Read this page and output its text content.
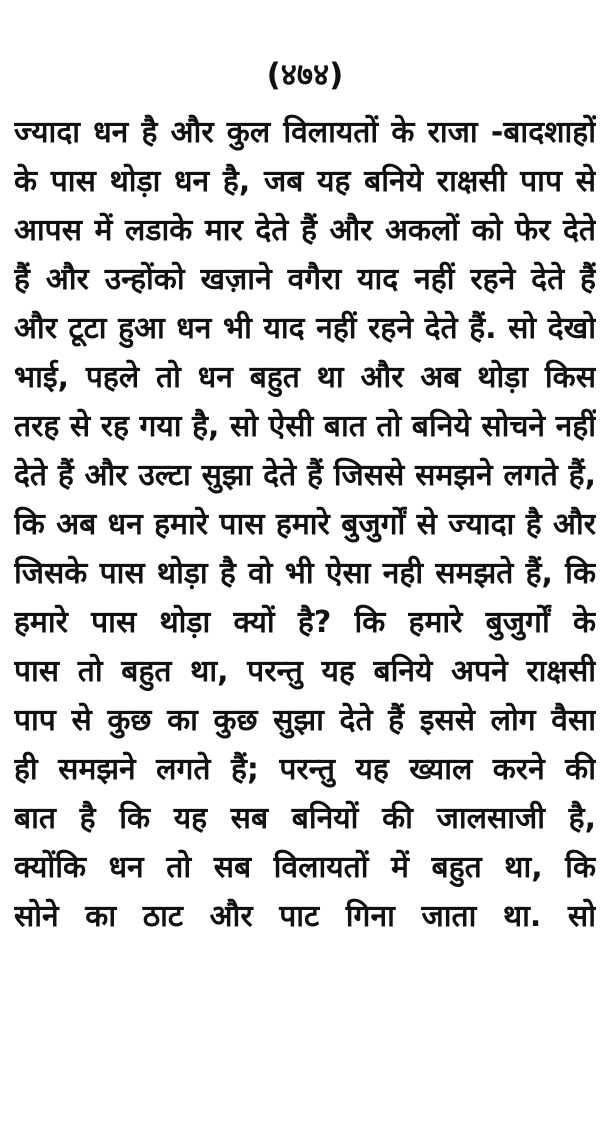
(४७४)
ज्यादा धन है और कुल विलायतों के राजा -बादशाहों
के पास थोड़ा धन है, जब यह बनिये राक्षसी पाप से
आपस में लडाके मार देते हैं और अकलों को फेर देते
हैं और उन्होंको खज़ाने वगैरा याद नहीं रहने देते हैं
और टूटा हुआ धन भी याद नहीं रहने देते हैं. सो देखो
भाई, पहले तो धन बहुत था और अब थोड़ा किस
तरह से रह गया है, सो ऐसी बात तो बनिये सोचने नहीं
देते हैं और उल्टा सुझा देते हैं जिससे समझने लगते हैं,
कि अब धन हमारे पास हमारे बुजुर्गों से ज्यादा है और
जिसके पास थोड़ा है वो भी ऐसा नही समझते हैं, कि
हमारे पास थोड़ा क्यों है? कि हमारे बुजुर्गों के
पास तो बहुत था, परन्तु यह बनिये अपने राक्षसी
पाप से कुछ का कुछ सुझा देते हैं इससे लोग वैसा
ही समझने लगते हैं; परन्तु यह ख्याल करने की
बात है कि यह सब बनियों की जालसाजी है,
क्योंकि धन तो सब विलायतों में बहुत था, कि
सोने का ठाट और पाट गिना जाता था. सो
